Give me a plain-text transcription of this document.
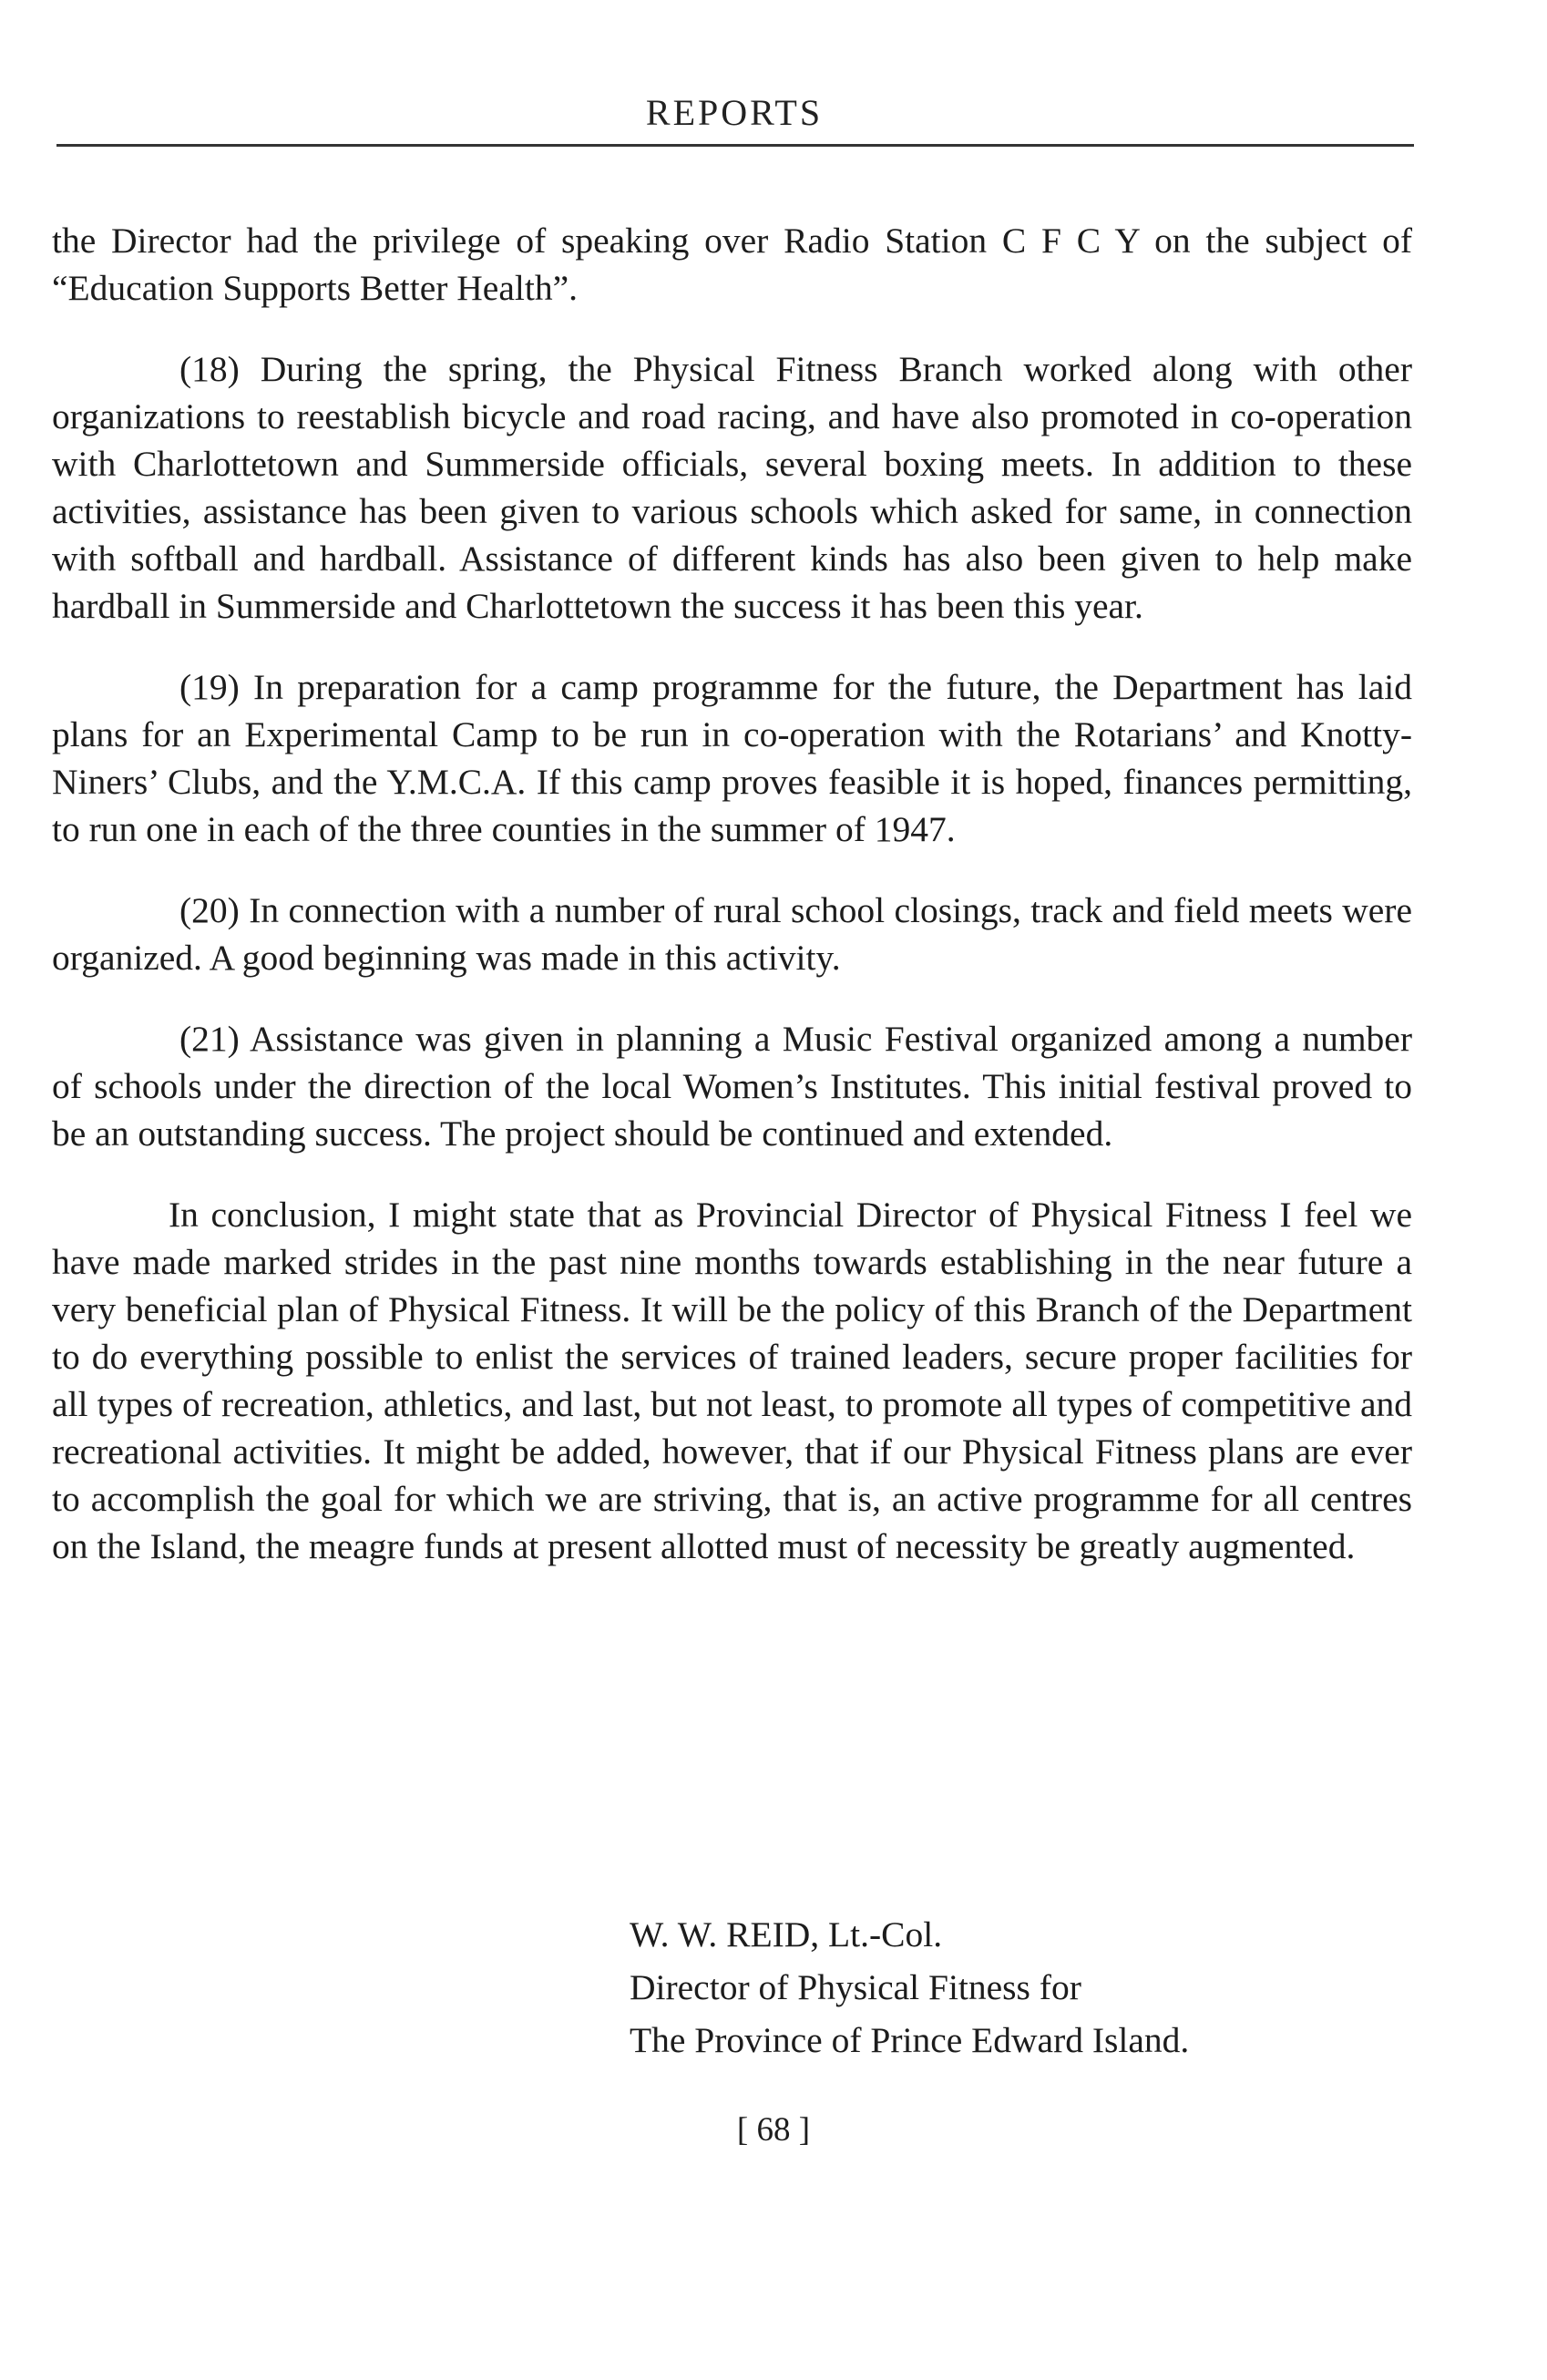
REPORTS

the Director had the privilege of speaking over Radio Station C F C Y on the subject of “Education Supports Better Health”.

(18) During the spring, the Physical Fitness Branch worked along with other organizations to reestablish bicycle and road racing, and have also promoted in co-operation with Charlottetown and Summerside officials, several boxing meets. In addition to these activities, assistance has been given to various schools which asked for same, in connection with softball and hardball. Assistance of different kinds has also been given to help make hardball in Summerside and Charlottetown the success it has been this year.

(19) In preparation for a camp programme for the future, the Department has laid plans for an Experimental Camp to be run in co-operation with the Rotarians’ and Knotty-Niners’ Clubs, and the Y.M.C.A. If this camp proves feasible it is hoped, finances permitting, to run one in each of the three counties in the summer of 1947.

(20) In connection with a number of rural school closings, track and field meets were organized. A good beginning was made in this activity.

(21) Assistance was given in planning a Music Festival organized among a number of schools under the direction of the local Women’s Institutes. This initial festival proved to be an outstanding success. The project should be continued and extended.

In conclusion, I might state that as Provincial Director of Physical Fitness I feel we have made marked strides in the past nine months towards establishing in the near future a very beneficial plan of Physical Fitness. It will be the policy of this Branch of the Department to do everything possible to enlist the services of trained leaders, secure proper facilities for all types of recreation, athletics, and last, but not least, to promote all types of competitive and recreational activities. It might be added, however, that if our Physical Fitness plans are ever to accomplish the goal for which we are striving, that is, an active programme for all centres on the Island, the meagre funds at present allotted must of necessity be greatly augmented.

W. W. REID, Lt.-Col.
Director of Physical Fitness for
The Province of Prince Edward Island.
[ 68 ]
